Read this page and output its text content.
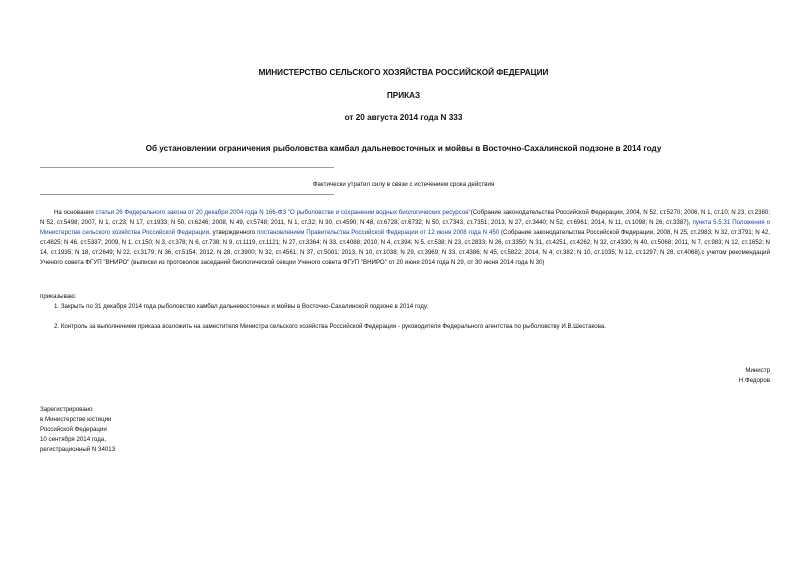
МИНИСТЕРСТВО СЕЛЬСКОГО ХОЗЯЙСТВА РОССИЙСКОЙ ФЕДЕРАЦИИ
ПРИКАЗ
от 20 августа 2014 года N 333
Об установлении ограничения рыболовства камбал дальневосточных и мойвы в Восточно-Сахалинской подзоне в 2014 году
Фактически утратил силу в связи с истечением срока действия

На основании статьи 26 Федерального закона от 20 декабря 2004 года N 166-ФЗ "О рыболовстве и сохранении водных биологических ресурсов"(Собрание законодательства Российской Федерации, 2004, N 52, ст.5270; 2006, N 1, ст.10; N 23, ст.2380; N 52, ст.5498; 2007, N 1, ст.23; N 17, ст.1933; N 50, ст.6246; 2008, N 49, ст.5748; 2011, N 1, ст.32; N 30, ст.4590; N 48, ст.6728, ст.6732; N 50, ст.7343, ст.7351; 2013, N 27, ст.3440; N 52, ст.6961; 2014, N 11, ст.1098; N 26, ст.3387), пункта 5.5.31 Положения о Министерстве сельского хозяйства Российской Федерации, утвержденного постановлением Правительства Российской Федерации от 12 июня 2008 года N 450 (Собрание законодательства Российской Федерации, 2008, N 25, ст.2983; N 32, ст.3791; N 42, ст.4825; N 46, ст.5337; 2009, N 1, ст.150; N 3, ст.378; N 6, ст.738; N 9, ст.1119, ст.1121; N 27, ст.3364; N 33, ст.4088; 2010, N 4, ст.394; N 5, ст.538; N 23, ст.2833; N 26, ст.3350; N 31, ст.4251, ст.4262; N 32, ст.4330; N 40, ст.5068; 2011, N 7, ст.983; N 12, ст.1652; N 14, ст.1935; N 18, ст.2649; N 22, ст.3179; N 36, ст.5154; 2012, N 28, ст.3900; N 32, ст.4561; N 37, ст.5001; 2013, N 10, ст.1038; N 29, ст.3969; N 33, ст.4386; N 45, ст.5822; 2014, N 4, ст.382; N 10, ст.1035; N 12, ст.1297; N 28, ст.4068),с учетом рекомендаций Ученого совета ФГУП "ВНИРО" (выписки из протоколов заседаний биологической секции Ученого совета ФГУП "ВНИРО" от 20 июня 2014 года N 29, от 30 июня 2014 года N 30)

приказываю:
1. Закрыть по 31 декабря 2014 года рыболовство камбал дальневосточных и мойвы в Восточно-Сахалинской подзоне в 2014 году.
2. Контроль за выполнением приказа возложить на заместителя Министра сельского хозяйства Российской Федерации - руководителя Федерального агентства по рыболовству И.В.Шестакова.
Министр
Н.Федоров
Зарегистрировано
в Министерстве юстиции
Российской Федерации
10 сентября 2014 года,
регистрационный N 34013
